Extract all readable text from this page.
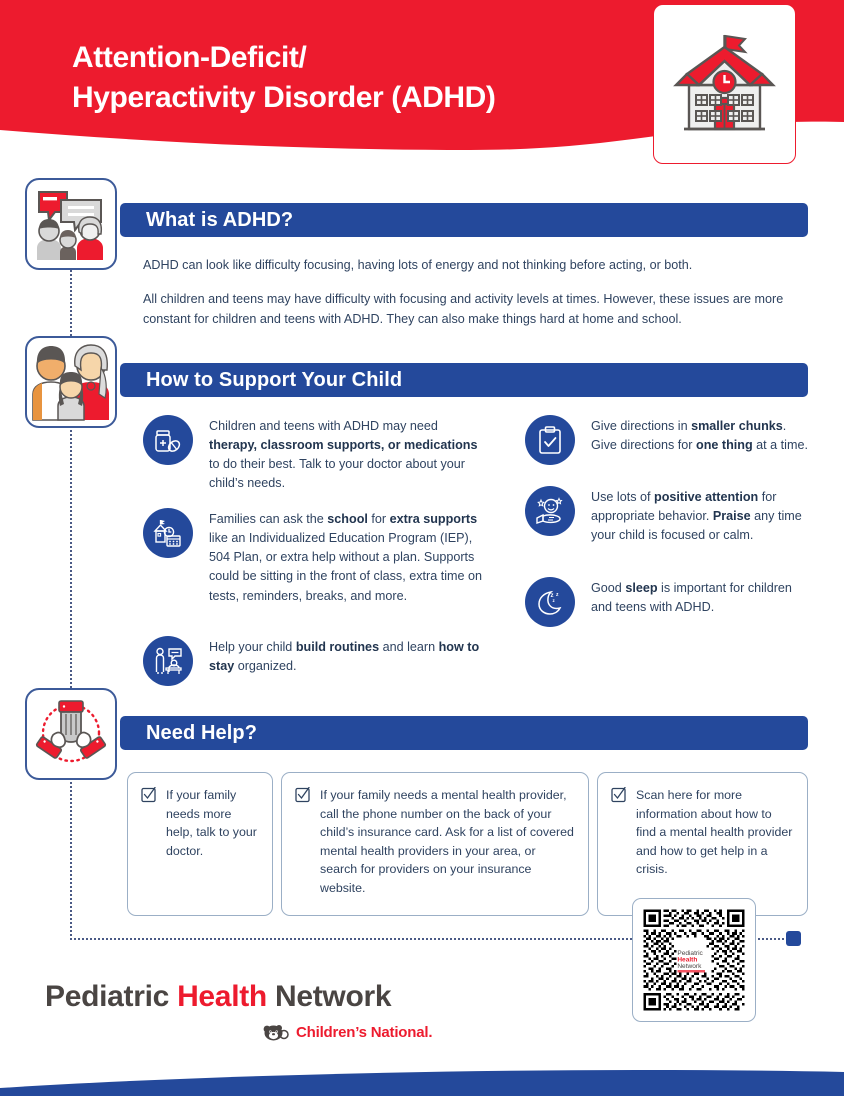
Attention-Deficit/
Hyperactivity Disorder (ADHD)
What is ADHD?
ADHD can look like difficulty focusing, having lots of energy and not thinking before acting, or both.
All children and teens may have difficulty with focusing and activity levels at times. However, these issues are more constant for children and teens with ADHD. They can also make things hard at home and school.
How to Support Your Child
Children and teens with ADHD may need therapy, classroom supports, or medications to do their best. Talk to your doctor about your child’s needs.
Families can ask the school for extra supports like an Individualized Education Program (IEP), 504 Plan, or extra help without a plan. Supports could be sitting in the front of class, extra time on tests, reminders, breaks, and more.
Help your child build routines and learn how to stay organized.
Give directions in smaller chunks. Give directions for one thing at a time.
Use lots of positive attention for appropriate behavior. Praise any time your child is focused or calm.
z z
z
Good sleep is important for children and teens with ADHD.
Need Help?
If your family needs more help, talk to your doctor.
If your family needs a mental health provider, call the phone number on the back of your child’s insurance card. Ask for a list of covered mental health providers in your area, or search for providers on your insurance website.
Scan here for more information about how to find a mental health provider and how to get help in a crisis.
Pediatric
Health
Network
Pediatric Health Network
Children’s National.
